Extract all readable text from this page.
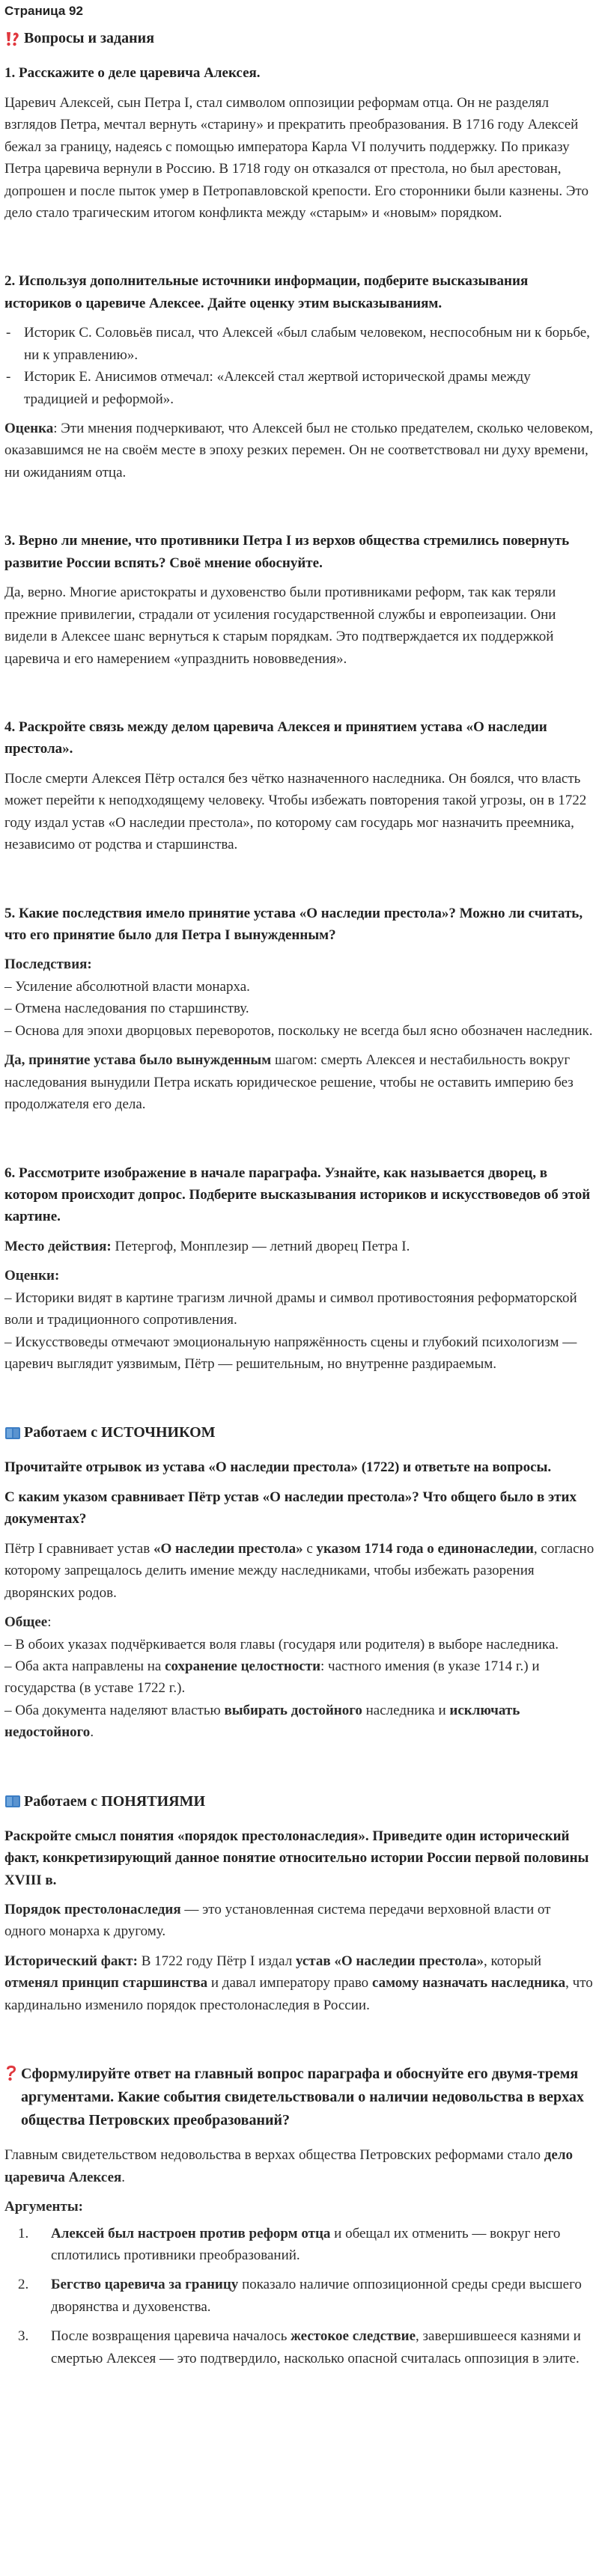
Страница 92
Вопросы и задания
1. Расскажите о деле царевича Алексея.

Царевич Алексей, сын Петра I, стал символом оппозиции реформам отца. Он не разделял взглядов Петра, мечтал вернуть «старину» и прекратить преобразования. В 1716 году Алексей бежал за границу, надеясь с помощью императора Карла VI получить поддержку. По приказу Петра царевича вернули в Россию. В 1718 году он отказался от престола, но был арестован, допрошен и после пыток умер в Петропавловской крепости. Его сторонники были казнены. Это дело стало трагическим итогом конфликта между «старым» и «новым» порядком.

2. Используя дополнительные источники информации, подберите высказывания историков о царевиче Алексее. Дайте оценку этим высказываниям.
- Историк С. Соловьёв писал, что Алексей «был слабым человеком, неспособным ни к борьбе, ни к управлению».
- Историк Е. Анисимов отмечал: «Алексей стал жертвой исторической драмы между традицией и реформой».

Оценка: Эти мнения подчеркивают, что Алексей был не столько предателем, сколько человеком, оказавшимся не на своём месте в эпоху резких перемен. Он не соответствовал ни духу времени, ни ожиданиям отца.

3. Верно ли мнение, что противники Петра I из верхов общества стремились повернуть развитие России вспять? Своё мнение обоснуйте.

Да, верно. Многие аристократы и духовенство были противниками реформ, так как теряли прежние привилегии, страдали от усиления государственной службы и европеизации. Они видели в Алексее шанс вернуться к старым порядкам. Это подтверждается их поддержкой царевича и его намерением «упразднить нововведения».

4. Раскройте связь между делом царевича Алексея и принятием устава «О наследии престола».

После смерти Алексея Пётр остался без чётко назначенного наследника. Он боялся, что власть может перейти к неподходящему человеку. Чтобы избежать повторения такой угрозы, он в 1722 году издал устав «О наследии престола», по которому сам государь мог назначить преемника, независимо от родства и старшинства.

5. Какие последствия имело принятие устава «О наследии престола»? Можно ли считать, что его принятие было для Петра I вынужденным?
Последствия:
– Усиление абсолютной власти монарха.
– Отмена наследования по старшинству.
– Основа для эпохи дворцовых переворотов, поскольку не всегда был ясно обозначен наследник.

Да, принятие устава было вынужденным шагом: смерть Алексея и нестабильность вокруг наследования вынудили Петра искать юридическое решение, чтобы не оставить империю без продолжателя его дела.

6. Рассмотрите изображение в начале параграфа. Узнайте, как называется дворец, в котором происходит допрос. Подберите высказывания историков и искусствоведов об этой картине.

Место действия: Петергоф, Монплезир — летний дворец Петра I.

Оценки:
– Историки видят в картине трагизм личной драмы и символ противостояния реформаторской воли и традиционного сопротивления.
– Искусствоведы отмечают эмоциональную напряжённость сцены и глубокий психологизм — царевич выглядит уязвимым, Пётр — решительным, но внутренне раздираемым.
Работаем с ИСТОЧНИКОМ
Прочитайте отрывок из устава «О наследии престола» (1722) и ответьте на вопросы.
С каким указом сравнивает Пётр устав «О наследии престола»? Что общего было в этих документах?

Пётр I сравнивает устав «О наследии престола» с указом 1714 года о единонаследии, согласно которому запрещалось делить имение между наследниками, чтобы избежать разорения дворянских родов.

Общее:
– В обоих указах подчёркивается воля главы (государя или родителя) в выборе наследника.
– Оба акта направлены на сохранение целостности: частного имения (в указе 1714 г.) и государства (в уставе 1722 г.).
– Оба документа наделяют властью выбирать достойного наследника и исключать недостойного.
Работаем с ПОНЯТИЯМИ
Раскройте смысл понятия «порядок престолонаследия». Приведите один исторический факт, конкретизирующий данное понятие относительно истории России первой половины XVIII в.

Порядок престолонаследия — это установленная система передачи верховной власти от одного монарха к другому.

Исторический факт: В 1722 году Пётр I издал устав «О наследии престола», который отменял принцип старшинства и давал императору право самому назначать наследника, что кардинально изменило порядок престолонаследия в России.

Сформулируйте ответ на главный вопрос параграфа и обоснуйте его двумя-тремя аргументами. Какие события свидетельствовали о наличии недовольства в верхах общества Петровских преобразований?

Главным свидетельством недовольства в верхах общества Петровских реформами стало дело царевича Алексея.

Аргументы:
1.	Алексей был настроен против реформ отца и обещал их отменить — вокруг него сплотились противники преобразований.
2.	Бегство царевича за границу показало наличие оппозиционной среды среди высшего дворянства и духовенства.
3.	После возвращения царевича началось жестокое следствие, завершившееся казнями и смертью Алексея — это подтвердило, насколько опасной считалась оппозиция в элите.
